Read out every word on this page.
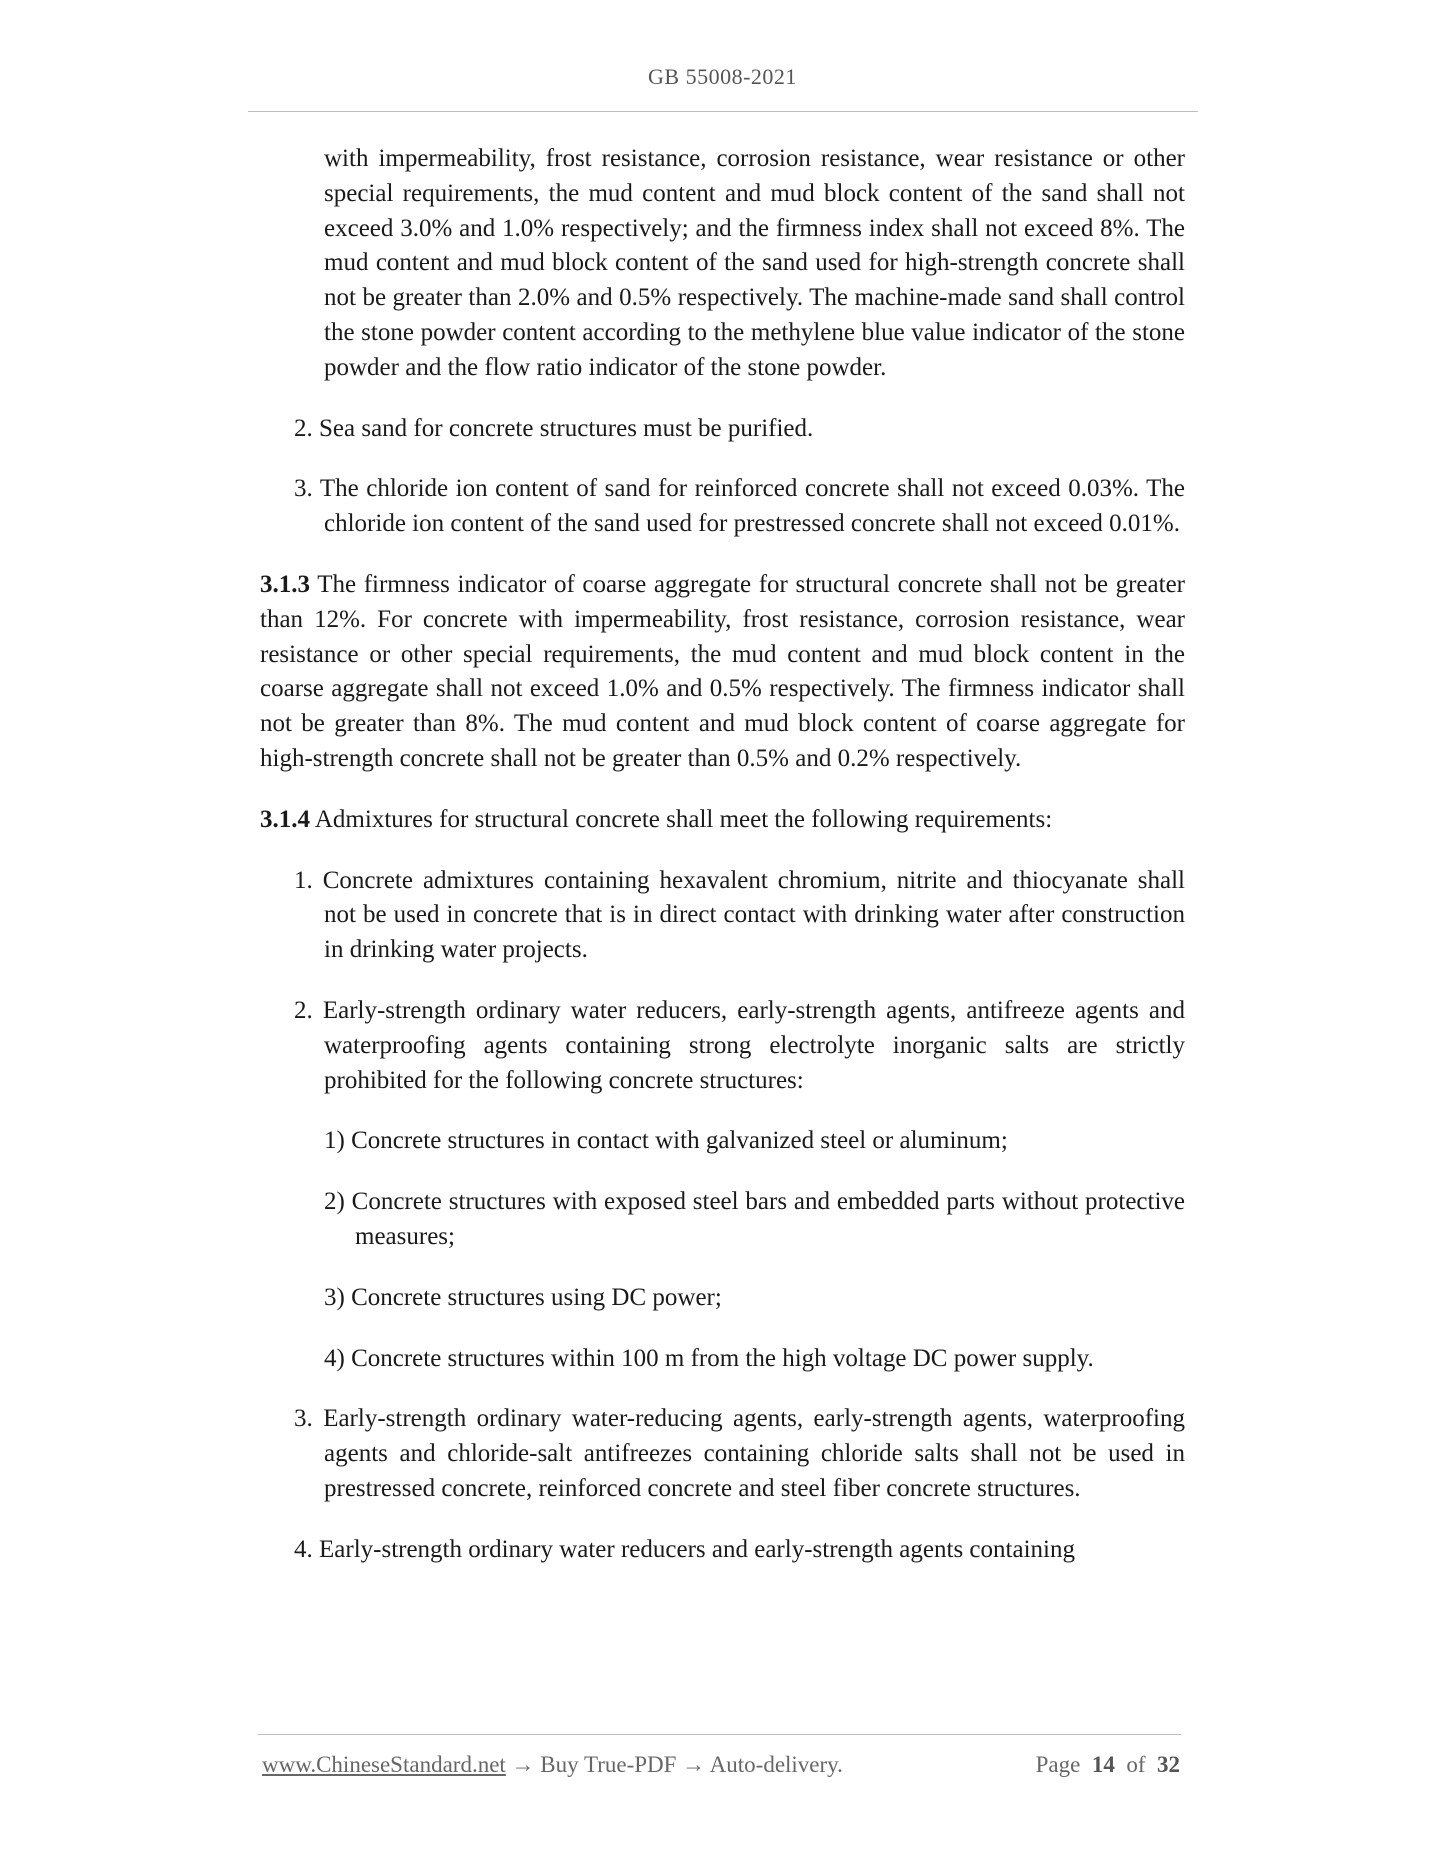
GB 55008-2021

with impermeability, frost resistance, corrosion resistance, wear resistance or other special requirements, the mud content and mud block content of the sand shall not exceed 3.0% and 1.0% respectively; and the firmness index shall not exceed 8%. The mud content and mud block content of the sand used for high-strength concrete shall not be greater than 2.0% and 0.5% respectively. The machine-made sand shall control the stone powder content according to the methylene blue value indicator of the stone powder and the flow ratio indicator of the stone powder.

2. Sea sand for concrete structures must be purified.

3. The chloride ion content of sand for reinforced concrete shall not exceed 0.03%. The chloride ion content of the sand used for prestressed concrete shall not exceed 0.01%.

3.1.3 The firmness indicator of coarse aggregate for structural concrete shall not be greater than 12%. For concrete with impermeability, frost resistance, corrosion resistance, wear resistance or other special requirements, the mud content and mud block content in the coarse aggregate shall not exceed 1.0% and 0.5% respectively. The firmness indicator shall not be greater than 8%. The mud content and mud block content of coarse aggregate for high-strength concrete shall not be greater than 0.5% and 0.2% respectively.

3.1.4 Admixtures for structural concrete shall meet the following requirements:

1. Concrete admixtures containing hexavalent chromium, nitrite and thiocyanate shall not be used in concrete that is in direct contact with drinking water after construction in drinking water projects.

2. Early-strength ordinary water reducers, early-strength agents, antifreeze agents and waterproofing agents containing strong electrolyte inorganic salts are strictly prohibited for the following concrete structures:

1) Concrete structures in contact with galvanized steel or aluminum;

2) Concrete structures with exposed steel bars and embedded parts without protective measures;

3) Concrete structures using DC power;

4) Concrete structures within 100 m from the high voltage DC power supply.

3. Early-strength ordinary water-reducing agents, early-strength agents, waterproofing agents and chloride-salt antifreezes containing chloride salts shall not be used in prestressed concrete, reinforced concrete and steel fiber concrete structures.

4. Early-strength ordinary water reducers and early-strength agents containing

www.ChineseStandard.net → Buy True-PDF → Auto-delivery.	Page 14 of 32
